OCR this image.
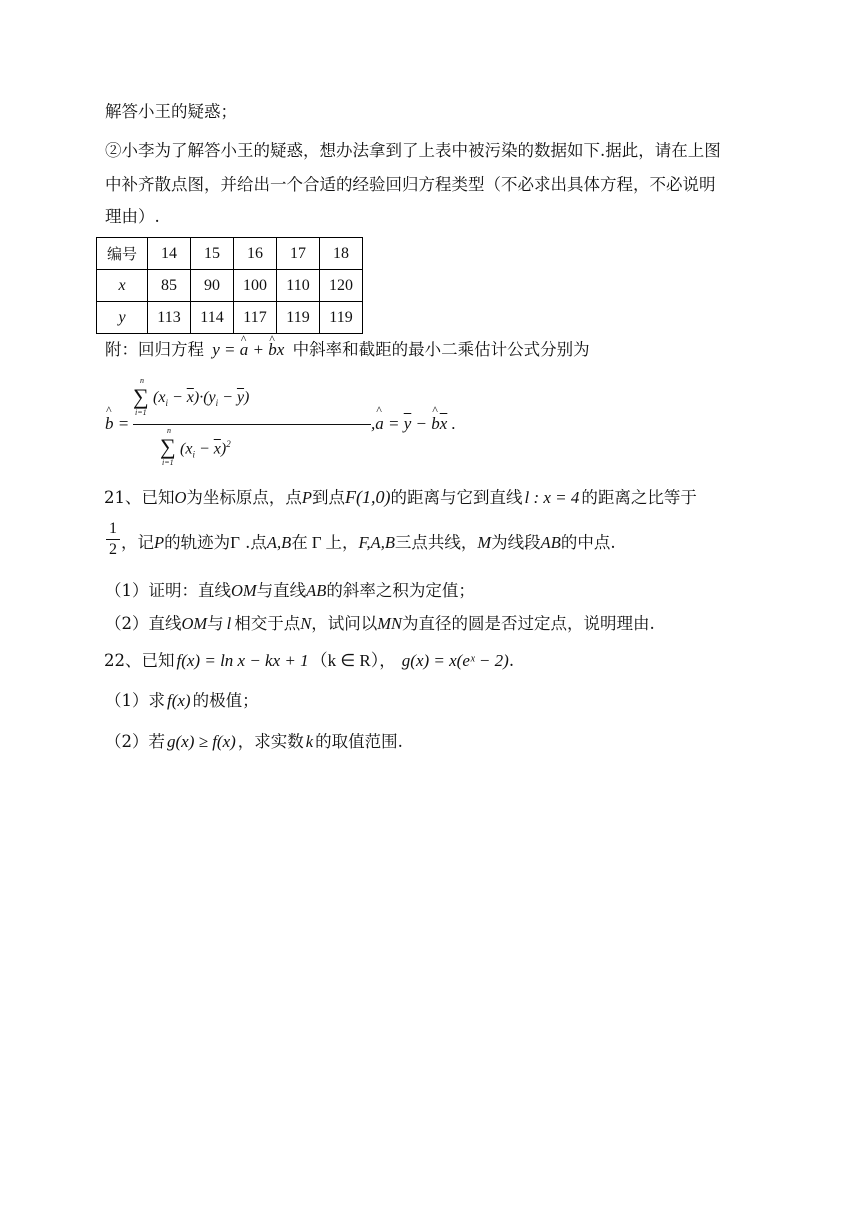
解答小王的疑惑；
②小李为了解答小王的疑惑，想办法拿到了上表中被污染的数据如下.据此，请在上图
中补齐散点图，并给出一个合适的经验回归方程类型（不必求出具体方程，不必说明
理由）.
编号	14	15	16	17	18
x	85	90	100	110	120
y	113	114	117	119	119
附：回归方程 y = ^ a + ^ bx 中斜率和截距的最小二乘估计公式分别为
^ b =
n
∑
i=1
$(x_i - \overline{x})\cdot(y_i - \overline{y})$
n
∑
i=1
$(x_i - \overline{x})^2$
,^ $a = \overline{y}$ − ^ $b\overline{x}$ .
21、已知O为坐标原点，点P到点F(1,0)的距离与它到直线 l : x = 4 的距离之比等于
1
2 ，记P的轨迹为Γ .点A,B在 Γ 上，F,A,B三点共线，M为线段AB的中点.
（1）证明：直线OM与直线AB的斜率之积为定值；
（2）直线OM与 l 相交于点N，试问以MN为直径的圆是否过定点，说明理由.
22、已知 f(x) = ln x − kx + 1 （k ∈ R）， g(x) = x(eˣ − 2).
（1）求 f(x) 的极值；
（2）若 g(x) ≥ f(x) ，求实数 k 的取值范围.
